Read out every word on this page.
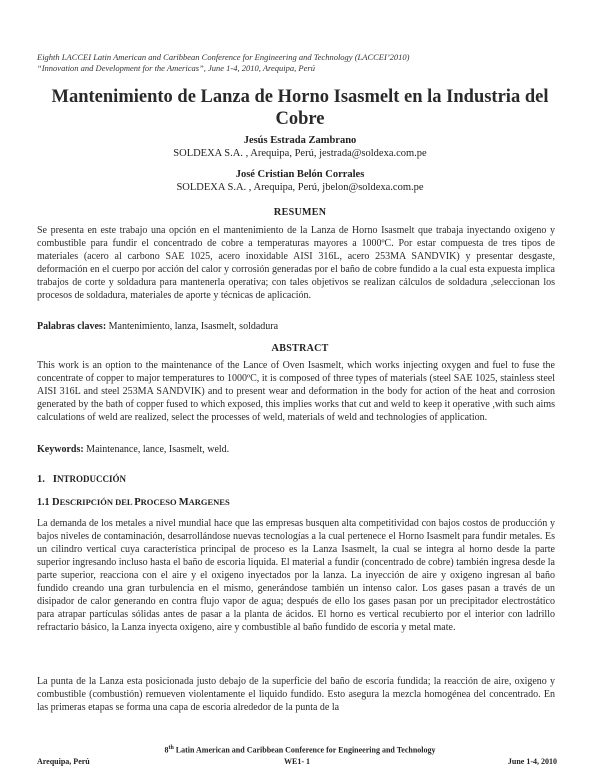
Eighth LACCEI Latin American and Caribbean Conference for Engineering and Technology (LACCEI’2010)
“Innovation and Development for the Americas”, June 1-4, 2010, Arequipa, Perú
Mantenimiento de Lanza de Horno Isasmelt en la Industria del Cobre
Jesús Estrada Zambrano
SOLDEXA S.A. , Arequipa, Perú, jestrada@soldexa.com.pe
José Cristian Belón Corrales
SOLDEXA S.A. , Arequipa, Perú, jbelon@soldexa.com.pe
RESUMEN
Se presenta en este trabajo una opción en el mantenimiento de la Lanza de Horno Isasmelt que trabaja inyectando oxigeno y combustible para fundir el concentrado de cobre a temperaturas mayores a 1000ºC. Por estar compuesta de tres tipos de materiales (acero al carbono SAE 1025, acero inoxidable AISI 316L, acero 253MA SANDVIK) y presentar desgaste, deformación en el cuerpo por acción del calor y corrosión generadas por el baño de cobre fundido a la cual esta expuesta implica trabajos de corte y soldadura para mantenerla operativa; con tales objetivos se realizan cálculos de soldadura ,seleccionan los procesos de soldadura, materiales de aporte y técnicas de aplicación.
Palabras claves: Mantenimiento, lanza, Isasmelt, soldadura
ABSTRACT
This work is an option to the maintenance of the Lance of Oven Isasmelt, which works injecting oxygen and fuel to fuse the concentrate of copper to major temperatures to 1000ºC, it is composed of three types of materials (steel SAE 1025, stainless steel AISI 316L and steel 253MA SANDVIK) and to present wear and deformation in the body for action of the heat and corrosion generated by the bath of copper fused to which exposed, this implies works that cut and weld to keep it operative ,with such aims calculations of weld are realized, select the processes of weld, materials of weld and technologies of application.
Keywords: Maintenance, lance, Isasmelt, weld.
1. INTRODUCCIÓN
1.1 DESCRIPCIÓN DEL PROCESO MARGENES
La demanda de los metales a nivel mundial hace que las empresas busquen alta competitividad con bajos costos de producción y bajos niveles de contaminación, desarrollándose nuevas tecnologías a la cual pertenece el Horno Isasmelt para fundir metales. Es un cilindro vertical cuya característica principal de proceso es la Lanza Isasmelt, la cual se integra al horno desde la parte superior ingresando incluso hasta el baño de escoria liquida. El material a fundir (concentrado de cobre) también ingresa desde la parte superior, reacciona con el aire y el oxigeno inyectados por la lanza. La inyección de aire y oxigeno ingresan al baño fundido creando una gran turbulencia en el mismo, generándose también un intenso calor. Los gases pasan a través de un disipador de calor generando en contra flujo vapor de agua; después de ello los gases pasan por un precipitador electrostático para atrapar partículas sólidas antes de pasar a la planta de ácidos. El horno es vertical recubierto por el interior con ladrillo refractario básico, la Lanza inyecta oxigeno, aire y combustible al baño fundido de escoria y metal mate.
La punta de la Lanza esta posicionada justo debajo de la superficie del baño de escoria fundida; la reacción de aire, oxigeno y combustible (combustión) remueven violentamente el liquido fundido. Esto asegura la mezcla homogénea del concentrado. En las primeras etapas se forma una capa de escoria alrededor de la punta de la
8th Latin American and Caribbean Conference for Engineering and Technology
Arequipa, Perú	WE1- 1	June 1-4, 2010
